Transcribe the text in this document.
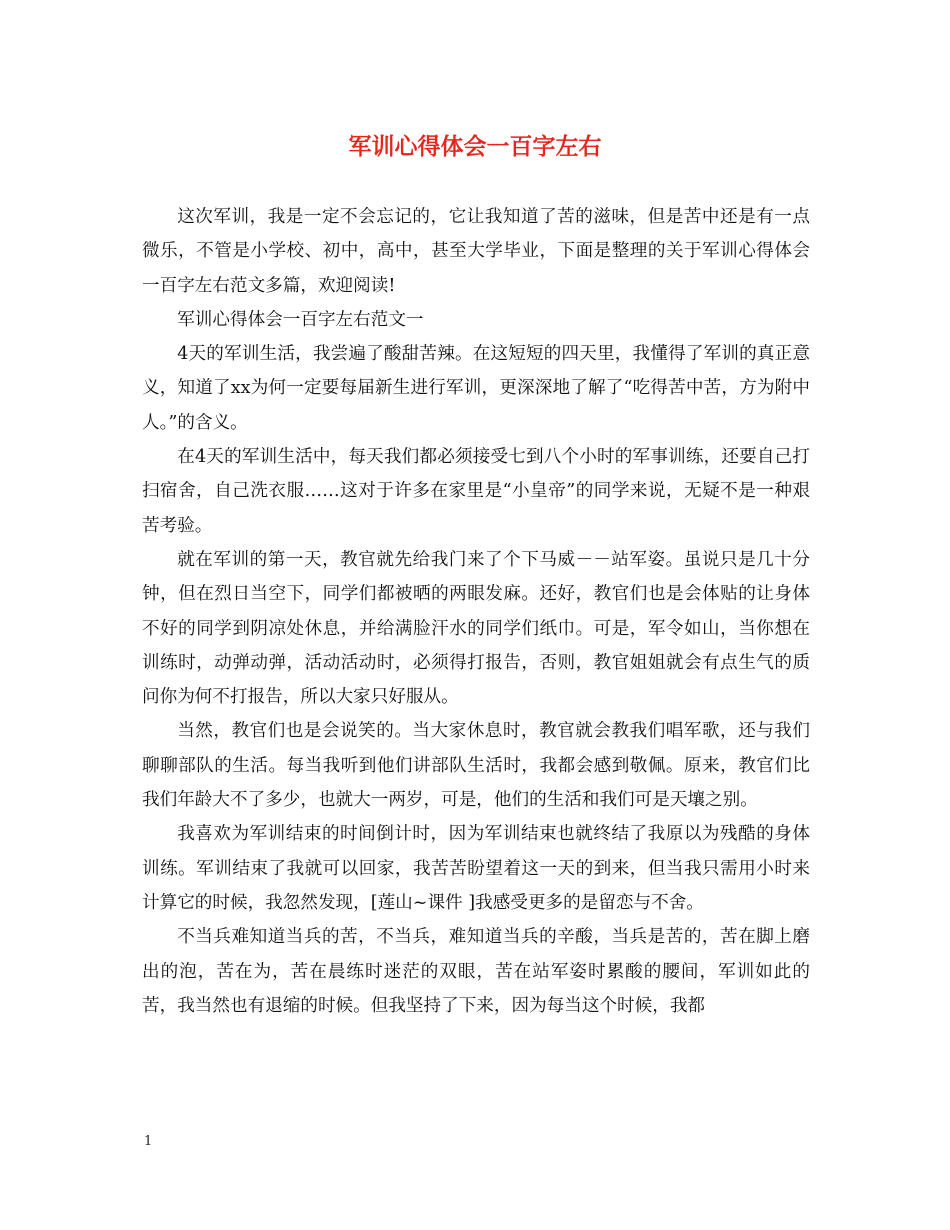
军训心得体会一百字左右

这次军训，我是一定不会忘记的，它让我知道了苦的滋味，但是苦中还是有一点微乐，不管是小学校、初中，高中，甚至大学毕业，下面是整理的关于军训心得体会一百字左右范文多篇，欢迎阅读!

军训心得体会一百字左右范文一

4天的军训生活，我尝遍了酸甜苦辣。在这短短的四天里，我懂得了军训的真正意义，知道了xx为何一定要每届新生进行军训，更深深地了解了“吃得苦中苦，方为附中人。”的含义。

在4天的军训生活中，每天我们都必须接受七到八个小时的军事训练，还要自己打扫宿舍，自己洗衣服……这对于许多在家里是“小皇帝”的同学来说，无疑不是一种艰苦考验。

就在军训的第一天，教官就先给我门来了个下马威－－站军姿。虽说只是几十分钟，但在烈日当空下，同学们都被晒的两眼发麻。还好，教官们也是会体贴的让身体不好的同学到阴凉处休息，并给满脸汗水的同学们纸巾。可是，军令如山，当你想在训练时，动弹动弹，活动活动时，必须得打报告，否则，教官姐姐就会有点生气的质问你为何不打报告，所以大家只好服从。

当然，教官们也是会说笑的。当大家休息时，教官就会教我们唱军歌，还与我们聊聊部队的生活。每当我听到他们讲部队生活时，我都会感到敬佩。原来，教官们比我们年龄大不了多少，也就大一两岁，可是，他们的生活和我们可是天壤之别。

我喜欢为军训结束的时间倒计时，因为军训结束也就终结了我原以为残酷的身体训练。军训结束了我就可以回家，我苦苦盼望着这一天的到来，但当我只需用小时来计算它的时候，我忽然发现，[莲山~课件 ]我感受更多的是留恋与不舍。

不当兵难知道当兵的苦，不当兵，难知道当兵的辛酸，当兵是苦的，苦在脚上磨出的泡，苦在为，苦在晨练时迷茫的双眼，苦在站军姿时累酸的腰间，军训如此的苦，我当然也有退缩的时候。但我坚持了下来，因为每当这个时候，我都

1
